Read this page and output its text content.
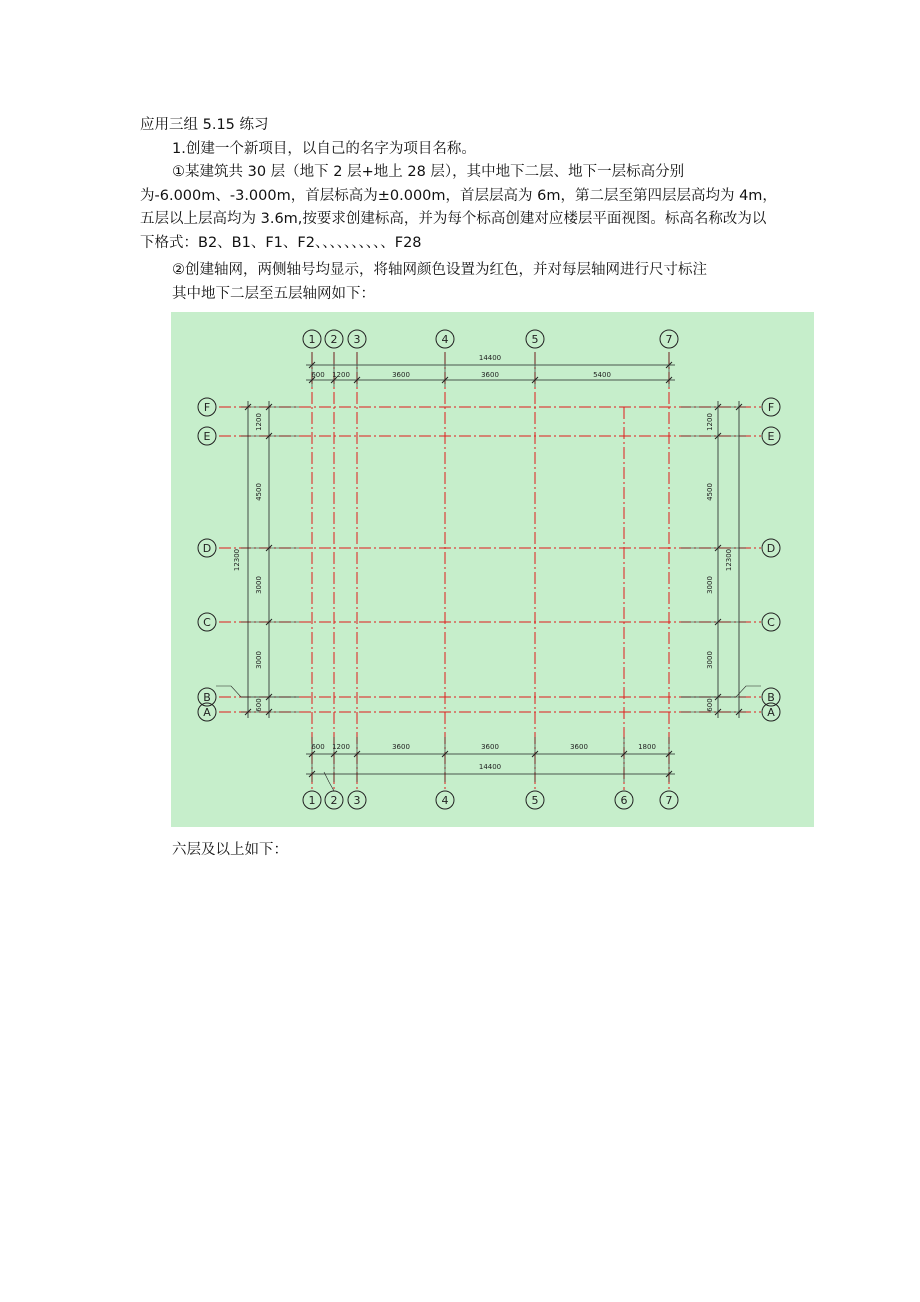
应用三组 5.15 练习

1.创建一个新项目，以自己的名字为项目名称。

①某建筑共 30 层（地下 2 层+地上 28 层），其中地下二层、地下一层标高分别为-6.000m、-3.000m，首层标高为±0.000m，首层层高为 6m，第二层至第四层层高均为 4m，五层以上层高均为 3.6m,按要求创建标高，并为每个标高创建对应楼层平面视图。标高名称改为以下格式：B2、B1、F1、F2、、、、、、、、、、F28

②创建轴网，两侧轴号均显示，将轴网颜色设置为红色，并对每层轴网进行尺寸标注

其中地下二层至五层轴网如下：

1 2 3	4	5	7
1 2 3	4	5	6	7
F	F
E	E
D	D
C	C
B	B
A	A
14400
600 1200	3600	3600	5400
600 1200	3600	3600	3600	1800
14400
12300
1200
4500
3000
3000
600
1200
4500
3000
3000
600
12300

六层及以上如下：
